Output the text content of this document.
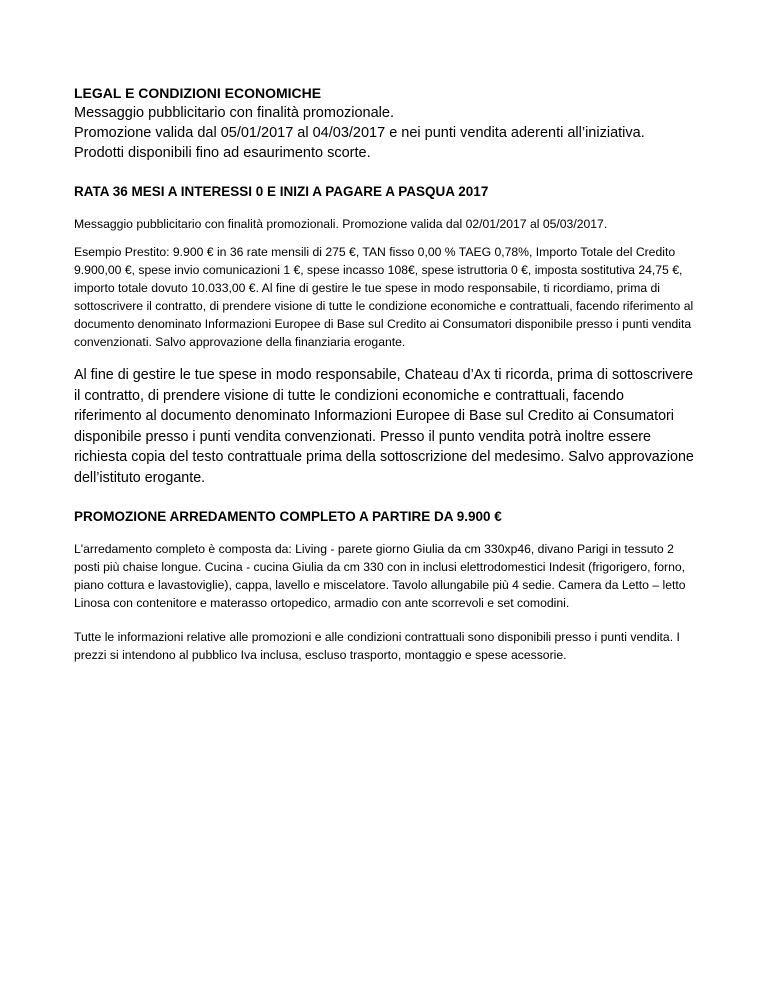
LEGAL E CONDIZIONI ECONOMICHE

Messaggio pubblicitario con finalità promozionale.

Promozione valida dal 05/01/2017 al 04/03/2017 e nei punti vendita aderenti all’iniziativa.

Prodotti disponibili fino ad esaurimento scorte.

RATA 36 MESI A INTERESSI 0 E INIZI A PAGARE A PASQUA 2017

Messaggio pubblicitario con finalità promozionali. Promozione valida dal 02/01/2017 al 05/03/2017.

Esempio Prestito: 9.900 € in 36 rate mensili di 275 €, TAN fisso 0,00 % TAEG 0,78%, Importo Totale del Credito 9.900,00 €, spese invio comunicazioni 1 €, spese incasso 108€, spese istruttoria 0 €, imposta sostitutiva 24,75 €, importo totale dovuto 10.033,00 €. Al fine di gestire le tue spese in modo responsabile, ti ricordiamo, prima di sottoscrivere il contratto, di prendere visione di tutte le condizione economiche e contrattuali, facendo riferimento al documento denominato Informazioni Europee di Base sul Credito ai Consumatori disponibile presso i punti vendita convenzionati. Salvo approvazione della finanziaria erogante.

Al fine di gestire le tue spese in modo responsabile, Chateau d’Ax ti ricorda, prima di sottoscrivere il contratto, di prendere visione di tutte le condizioni economiche e contrattuali, facendo riferimento al documento denominato Informazioni Europee di Base sul Credito ai Consumatori disponibile presso i punti vendita convenzionati. Presso il punto vendita potrà inoltre essere richiesta copia del testo contrattuale prima della sottoscrizione del medesimo. Salvo approvazione dell’istituto erogante.

PROMOZIONE ARREDAMENTO COMPLETO A PARTIRE DA 9.900 €

L'arredamento completo è composta da: Living - parete giorno Giulia da cm 330xp46, divano Parigi in tessuto 2 posti più chaise longue. Cucina - cucina Giulia da cm 330 con in inclusi elettrodomestici Indesit (frigorigero, forno, piano cottura e lavastoviglie), cappa, lavello e miscelatore. Tavolo allungabile più 4 sedie. Camera da Letto – letto Linosa con contenitore e materasso ortopedico, armadio con ante scorrevoli e set comodini.

Tutte le informazioni relative alle promozioni e alle condizioni contrattuali sono disponibili presso i punti vendita. I prezzi si intendono al pubblico Iva inclusa, escluso trasporto, montaggio e spese acessorie.
